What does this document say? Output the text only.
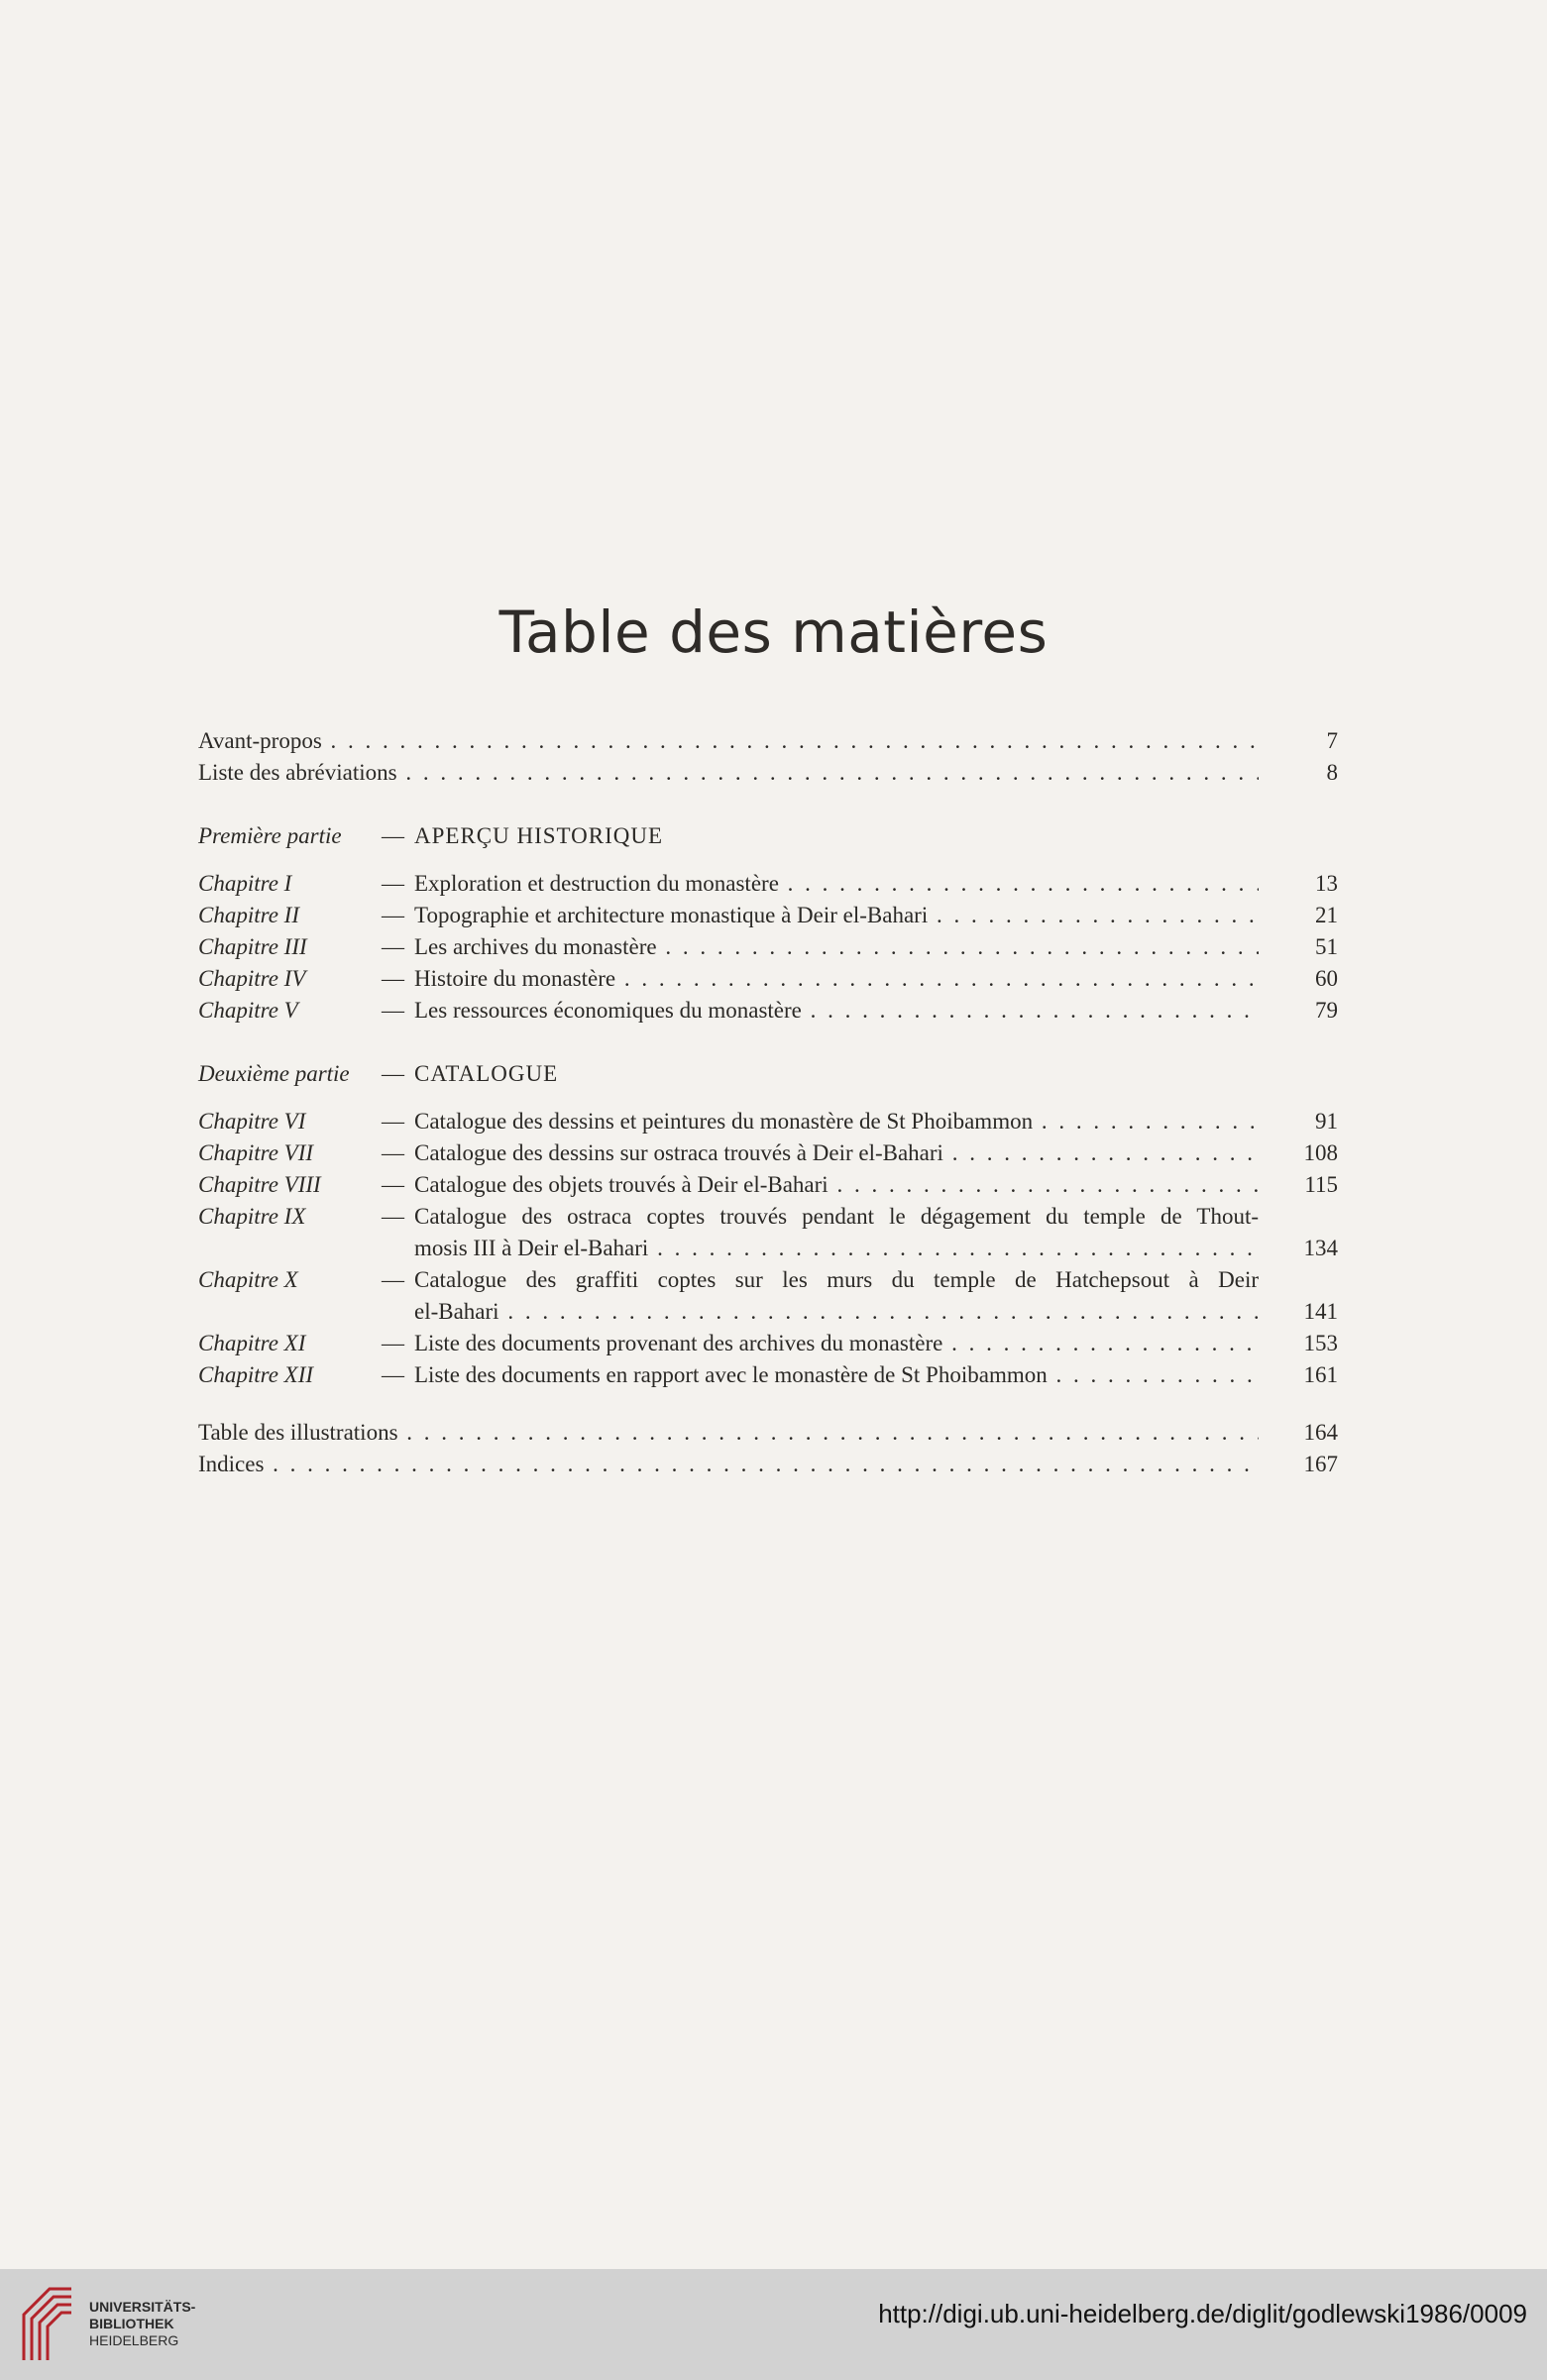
Table des matières
Avant-propos . . .	7
Liste des abréviations . . .	8
Première partie — APERÇU HISTORIQUE
Chapitre I	— Exploration et destruction du monastère . . .	13
Chapitre II	— Topographie et architecture monastique à Deir el-Bahari . . .	21
Chapitre III	— Les archives du monastère . . .	51
Chapitre IV	— Histoire du monastère . . .	60
Chapitre V	— Les ressources économiques du monastère . . .	79
Deuxième partie — CATALOGUE
Chapitre VI	— Catalogue des dessins et peintures du monastère de St Phoibammon . . .	91
Chapitre VII	— Catalogue des dessins sur ostraca trouvés à Deir el-Bahari . . .	108
Chapitre VIII	— Catalogue des objets trouvés à Deir el-Bahari . . .	115
Chapitre IX	— Catalogue des ostraca coptes trouvés pendant le dégagement du temple de Thout-
mosis III à Deir el-Bahari . . .	134
Chapitre X	— Catalogue des graffiti coptes sur les murs du temple de Hatchepsout à Deir
el-Bahari . . .	141
Chapitre XI	— Liste des documents provenant des archives du monastère . . .	153
Chapitre XII	— Liste des documents en rapport avec le monastère de St Phoibammon . . .	161
Table des illustrations . . .	164
Indices . . .	167
UNIVERSITÄTS-
BIBLIOTHEK
HEIDELBERG
http://digi.ub.uni-heidelberg.de/diglit/godlewski1986/0009
